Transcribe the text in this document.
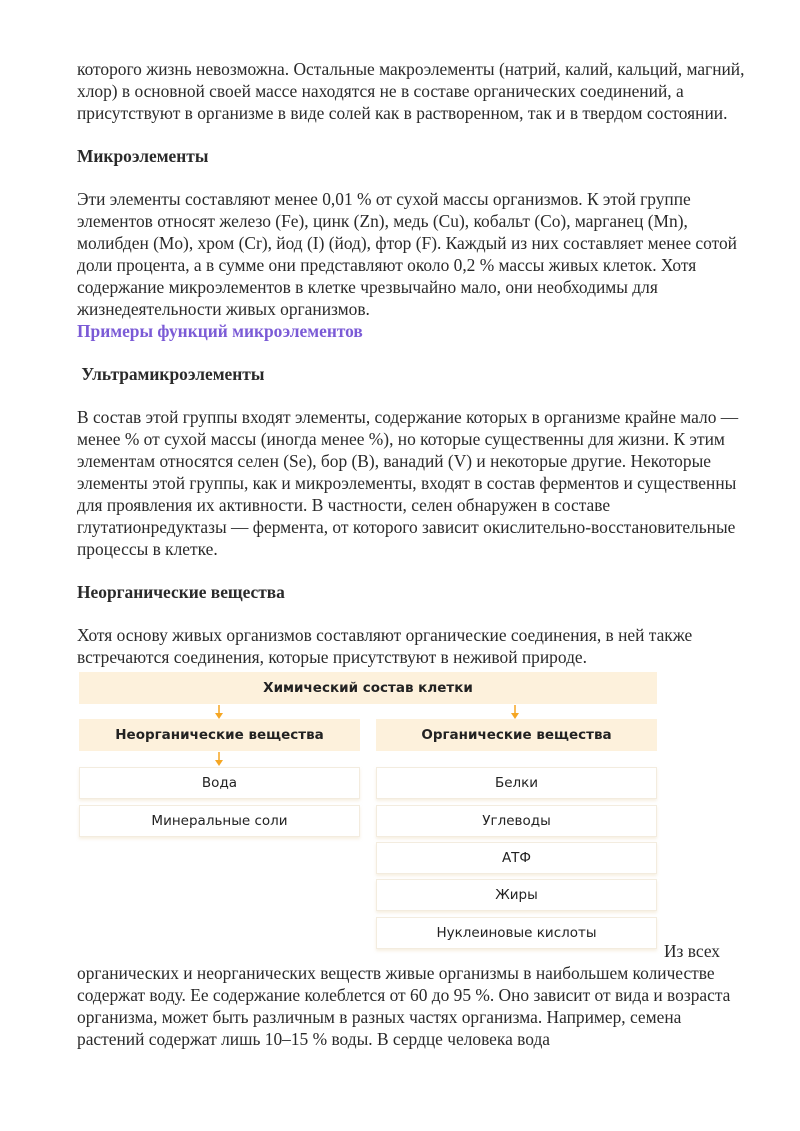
которого жизнь невозможна. Остальные макроэлементы (натрий, калий, кальций, магний, хлор) в основной своей массе находятся не в составе органических соединений, а присутствуют в организме в виде солей как в растворенном, так и в твердом состоянии.

Микроэлементы

Эти элементы составляют менее 0,01 % от сухой массы организмов. К этой группе элементов относят железо (Fe), цинк (Zn), медь (Cu), кобальт (Co), марганец (Mn), молибден (Mo), хром (Cr), йод (I) (йод), фтор (F). Каждый из них составляет менее сотой доли процента, а в сумме они представляют около 0,2 % массы живых клеток. Хотя содержание микроэлементов в клетке чрезвычайно мало, они необходимы для жизнедеятельности живых организмов.

Примеры функций микроэлементов
Ультрамикроэлементы

В состав этой группы входят элементы, содержание которых в организме крайне мало — менее % от сухой массы (иногда менее %), но которые существенны для жизни. К этим элементам относятся селен (Se), бор (B), ванадий (V) и некоторые другие. Некоторые элементы этой группы, как и микроэлементы, входят в состав ферментов и существенны для проявления их активности. В частности, селен обнаружен в составе глутатионредуктазы — фермента, от которого зависит окислительно-восстановительные процессы в клетке.

Неорганические вещества

Хотя основу живых организмов составляют органические соединения, в ней также встречаются соединения, которые присутствуют в неживой природе.

Химический состав клетки
Неорганические вещества	Органические вещества
Вода
Минеральные соли
Белки
Углеводы
АТФ
Жиры
Нуклеиновые кислоты
Из всех

органических и неорганических веществ живые организмы в наибольшем количестве содержат воду. Ее содержание колеблется от 60 до 95 %. Оно зависит от вида и возраста организма, может быть различным в разных частях организма. Например, семена растений содержат лишь 10–15 % воды. В сердце человека вода
